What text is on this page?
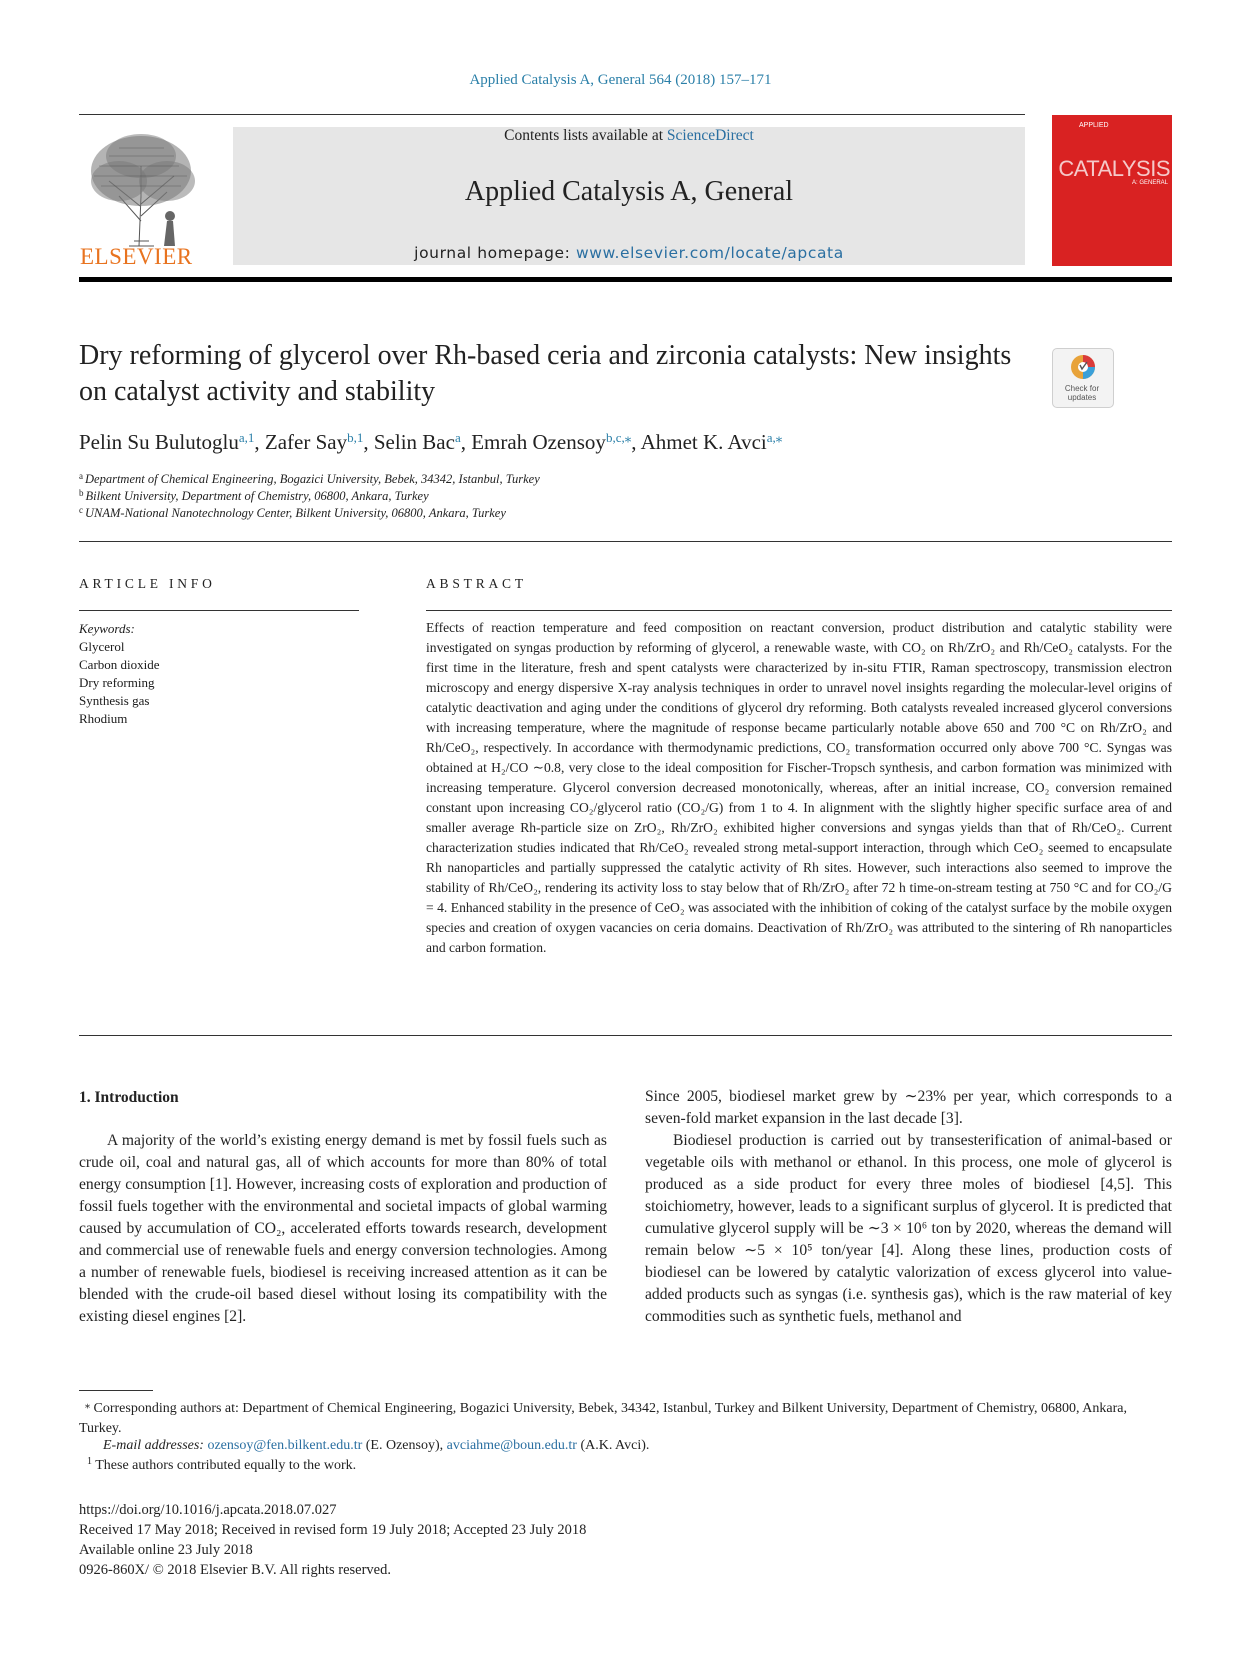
Applied Catalysis A, General 564 (2018) 157–171
ELSEVIER
Contents lists available at ScienceDirect
Applied Catalysis A, General
journal homepage: www.elsevier.com/locate/apcata
APPLIED
CATALYSIS
A: GENERAL
Dry reforming of glycerol over Rh-based ceria and zirconia catalysts: New insights on catalyst activity and stability	Check for updates
Pelin Su Bulutoglu$^{a,1}$, Zafer Say$^{b,1}$, Selin Bac$^a$, Emrah Ozensoy$^{b,c,⁎}$, Ahmet K. Avci$^{a,⁎}$
$^a$ Department of Chemical Engineering, Bogazici University, Bebek, 34342, Istanbul, Turkey
$^b$ Bilkent University, Department of Chemistry, 06800, Ankara, Turkey
$^c$ UNAM-National Nanotechnology Center, Bilkent University, 06800, Ankara, Turkey
ARTICLE INFO
Keywords:
Glycerol
Carbon dioxide
Dry reforming
Synthesis gas
Rhodium
ABSTRACT
Effects of reaction temperature and feed composition on reactant conversion, product distribution and catalytic stability were investigated on syngas production by reforming of glycerol, a renewable waste, with CO₂ on Rh/ZrO₂ and Rh/CeO₂ catalysts. For the first time in the literature, fresh and spent catalysts were characterized by in-situ FTIR, Raman spectroscopy, transmission electron microscopy and energy dispersive X-ray analysis techniques in order to unravel novel insights regarding the molecular-level origins of catalytic deactivation and aging under the conditions of glycerol dry reforming. Both catalysts revealed increased glycerol conversions with increasing temperature, where the magnitude of response became particularly notable above 650 and 700 °C on Rh/ZrO₂ and Rh/CeO₂, respectively. In accordance with thermodynamic predictions, CO₂ transformation occurred only above 700 °C. Syngas was obtained at H₂/CO ∼0.8, very close to the ideal composition for Fischer-Tropsch synthesis, and carbon formation was minimized with increasing temperature. Glycerol conversion decreased monotonically, whereas, after an initial increase, CO₂ conversion remained constant upon increasing CO₂/glycerol ratio (CO₂/G) from 1 to 4. In alignment with the slightly higher specific surface area of and smaller average Rh-particle size on ZrO₂, Rh/ZrO₂ exhibited higher conversions and syngas yields than that of Rh/CeO₂. Current characterization studies indicated that Rh/CeO₂ revealed strong metal-support interaction, through which CeO₂ seemed to encapsulate Rh nanoparticles and partially suppressed the catalytic activity of Rh sites. However, such interactions also seemed to improve the stability of Rh/CeO₂, rendering its activity loss to stay below that of Rh/ZrO₂ after 72 h time-on-stream testing at 750 °C and for CO₂/G = 4. Enhanced stability in the presence of CeO₂ was associated with the inhibition of coking of the catalyst surface by the mobile oxygen species and creation of oxygen vacancies on ceria domains. Deactivation of Rh/ZrO₂ was attributed to the sintering of Rh nanoparticles and carbon formation.
1. Introduction

A majority of the world’s existing energy demand is met by fossil fuels such as crude oil, coal and natural gas, all of which accounts for more than 80% of total energy consumption [1]. However, increasing costs of exploration and production of fossil fuels together with the environmental and societal impacts of global warming caused by accumulation of CO₂, accelerated efforts towards research, development and commercial use of renewable fuels and energy conversion technologies. Among a number of renewable fuels, biodiesel is receiving increased attention as it can be blended with the crude-oil based diesel without losing its compatibility with the existing diesel engines [2].

Since 2005, biodiesel market grew by ∼23% per year, which corresponds to a seven-fold market expansion in the last decade [3].

Biodiesel production is carried out by transesterification of animal-based or vegetable oils with methanol or ethanol. In this process, one mole of glycerol is produced as a side product for every three moles of biodiesel [4,5]. This stoichiometry, however, leads to a significant surplus of glycerol. It is predicted that cumulative glycerol supply will be ∼3 × 10⁶ ton by 2020, whereas the demand will remain below ∼5 × 10⁵ ton/year [4]. Along these lines, production costs of biodiesel can be lowered by catalytic valorization of excess glycerol into value-added products such as syngas (i.e. synthesis gas), which is the raw material of key commodities such as synthetic fuels, methanol and

⁎ Corresponding authors at: Department of Chemical Engineering, Bogazici University, Bebek, 34342, Istanbul, Turkey and Bilkent University, Department of Chemistry, 06800, Ankara, Turkey.
E-mail addresses: ozensoy@fen.bilkent.edu.tr (E. Ozensoy), avciahme@boun.edu.tr (A.K. Avci).
$^1$ These authors contributed equally to the work.
https://doi.org/10.1016/j.apcata.2018.07.027
Received 17 May 2018; Received in revised form 19 July 2018; Accepted 23 July 2018
Available online 23 July 2018
0926-860X/ © 2018 Elsevier B.V. All rights reserved.
